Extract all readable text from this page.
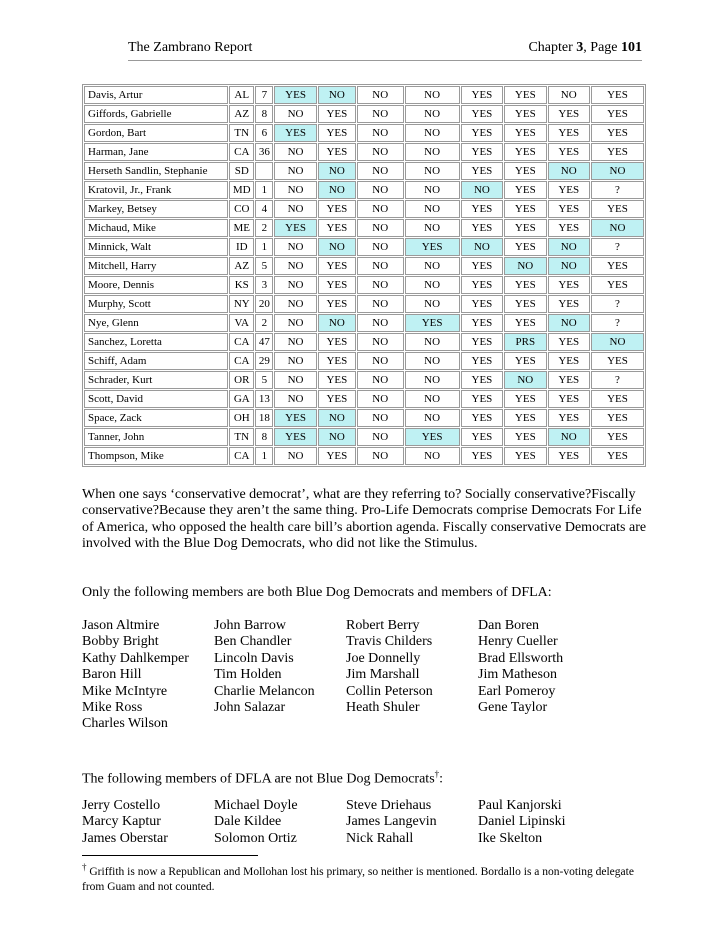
The Zambrano Report	Chapter 3, Page 101
Davis, Artur	AL	7	YES	NO	NO	NO	YES	YES	NO	YES
Giffords, Gabrielle	AZ	8	NO	YES	NO	NO	YES	YES	YES	YES
Gordon, Bart	TN	6	YES	YES	NO	NO	YES	YES	YES	YES
Harman, Jane	CA	36	NO	YES	NO	NO	YES	YES	YES	YES
Herseth Sandlin, Stephanie	SD		NO	NO	NO	NO	YES	YES	NO	NO
Kratovil, Jr., Frank	MD	1	NO	NO	NO	NO	NO	YES	YES	?
Markey, Betsey	CO	4	NO	YES	NO	NO	YES	YES	YES	YES
Michaud, Mike	ME	2	YES	YES	NO	NO	YES	YES	YES	NO
Minnick, Walt	ID	1	NO	NO	NO	YES	NO	YES	NO	?
Mitchell, Harry	AZ	5	NO	YES	NO	NO	YES	NO	NO	YES
Moore, Dennis	KS	3	NO	YES	NO	NO	YES	YES	YES	YES
Murphy, Scott	NY	20	NO	YES	NO	NO	YES	YES	YES	?
Nye, Glenn	VA	2	NO	NO	NO	YES	YES	YES	NO	?
Sanchez, Loretta	CA	47	NO	YES	NO	NO	YES	PRS	YES	NO
Schiff, Adam	CA	29	NO	YES	NO	NO	YES	YES	YES	YES
Schrader, Kurt	OR	5	NO	YES	NO	NO	YES	NO	YES	?
Scott, David	GA	13	NO	YES	NO	NO	YES	YES	YES	YES
Space, Zack	OH	18	YES	NO	NO	NO	YES	YES	YES	YES
Tanner, John	TN	8	YES	NO	NO	YES	YES	YES	NO	YES
Thompson, Mike	CA	1	NO	YES	NO	NO	YES	YES	YES	YES
When one says ‘conservative democrat’, what are they referring to? Socially conservative?Fiscally conservative?Because they aren’t the same thing. Pro-Life Democrats comprise Democrats For Life of America, who opposed the health care bill’s abortion agenda. Fiscally conservative Democrats are involved with the Blue Dog Democrats, who did not like the Stimulus.
Only the following members are both Blue Dog Democrats and members of DFLA:
Jason Altmire	John Barrow	Robert Berry	Dan Boren
Bobby Bright	Ben Chandler	Travis Childers	Henry Cueller
Kathy Dahlkemper	Lincoln Davis	Joe Donnelly	Brad Ellsworth
Baron Hill	Tim Holden	Jim Marshall	Jim Matheson
Mike McIntyre	Charlie Melancon	Collin Peterson	Earl Pomeroy
Mike Ross	John Salazar	Heath Shuler	Gene Taylor
Charles Wilson
The following members of DFLA are not Blue Dog Democrats†:
Jerry Costello	Michael Doyle	Steve Driehaus	Paul Kanjorski
Marcy Kaptur	Dale Kildee	James Langevin	Daniel Lipinski
James Oberstar	Solomon Ortiz	Nick Rahall	Ike Skelton
† Griffith is now a Republican and Mollohan lost his primary, so neither is mentioned. Bordallo is a non-voting delegate from Guam and not counted.
